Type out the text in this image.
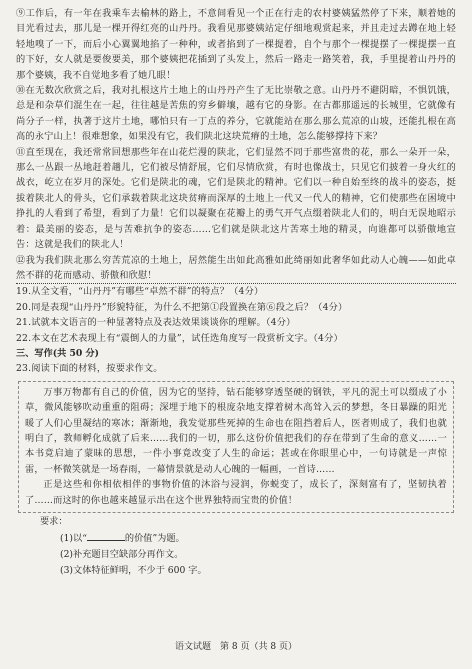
⑨工作后，有一年在我乘车去榆林的路上，不意间看见一个正在行走的农村婆姨猛然停了下来，顺着她的目光看过去，那儿是一棵开得红亮的山丹丹。我看见那婆姨站定仔细地观赏起来，并且走过去蹲在地上轻轻地嗅了一下，而后小心翼翼地掐了一种种，或者掐到了一棵提着，自个与那个一棵提摆了一棵提摆一直的下好，女人就是要俊要美，那个婆姨把花插到了头发上，然后一路走一路笑着，我，手里提着山丹丹的那个婆姨，我不自觉地多看了她几眼！

⑩在无数次欣赏之后，我对扎根这片土地上的山丹丹产生了无比崇敬之意。山丹丹不避阴暗，不惧饥饿，总是和杂草们混生在一起，往往越是苦焦的穷乡僻壤，越有它的身影。在古都那遥远的长城里，它就像有尚分子一样，执著于这片土地，哪怕只有一丁点的养分，它就能站在那么那么荒凉的山坡，还能扎根在高高的永宁山上！很难想象，如果没有它，我们陕北这块荒瘠的土地，怎么能够撑持下来？

⑪直至现在，我还常常回想那些年在山花烂漫的陕北，它们显然不同于那些富贵的花，那么一朵开一朵，那么一丛跟一丛地赶着趟儿，它们被尽情舒展，它们尽情欣赏，有时也像战士，只见它们披着一身火红的战衣，屹立在岁月的深处。它们是陕北的魂，它们是陕北的精神。它们以一种自始至终的战斗的姿态，挺拔着陕北人的骨头，它们承载着陕北这块贫瘠而深厚的土地上一代又一代人的精神，它们使那些在困境中挣扎的人看到了希望，看到了力量！它们以凝聚在花瓣上的勇气开气点缀着陕北人们的，明白无误地昭示着：最美丽的姿态，是与苦难抗争的姿态……它们就是陕北这片苦寒土地的精灵，向谁都可以骄傲地宣告：这就是我们的陕北人！

⑫我为我们陕北那么穷苦荒凉的土地上，居然能生出如此高雅如此绮丽如此奢华如此动人心魄——如此卓然不群的花而感动、骄傲和欣慰！

19.从全文看，“山丹丹”有哪些“卓然不群”的特点？（4分）

20.同是表现“山丹丹”形貌特征，为什么不把第①段置换在第⑥段之后？（4分）

21.试就本文语言的一种显著特点及表达效果谈谈你的理解。（4分）

22.本文在艺术表现上有“震倒人的力量”，试任选角度写一段赏析文字。（4分）

三、写作(共 50 分)

23.阅读下面的材料，按要求作文。

万事万物都有自己的价值，因为它的坚持，钻石能够穿透坚硬的钢铁，平凡的泥土可以缀成了小草，微风能够吹动重重的阻碍；深埋于地下的根庞杂地支撑着树木高耸入云的梦想，冬日暴躁的阳光暖了人们心里凝结的寒冰；渐渐地，我发觉那些死掉的生命也在阻挡着后人，医者则成了，我们也就明白了，教师孵化成就了后来……我们的一切，那么这份价值把我们的存在带到了生命的意义……一本书竟启迪了蒙昧的思想，一件小事竟改变了人生的命运；甚或在你眼里心中，一句诗就是一声惊雷，一杯微笑就是一场春雨，一幕情景就是动人心魄的一幅画，一首诗……

正是这些和你相依相伴的事物价值的沐浴与浸润，你蜕变了，成长了，深刻富有了，坚韧执着了……而这时的你也越来越显示出在这个世界独特而宝贵的价值！

要求：

(1)以“	的价值”为题。

(2)补充题目空缺部分再作文。

(3)文体特征鲜明，不少于 600 字。

语文试题　第 8 页（共 8 页）
